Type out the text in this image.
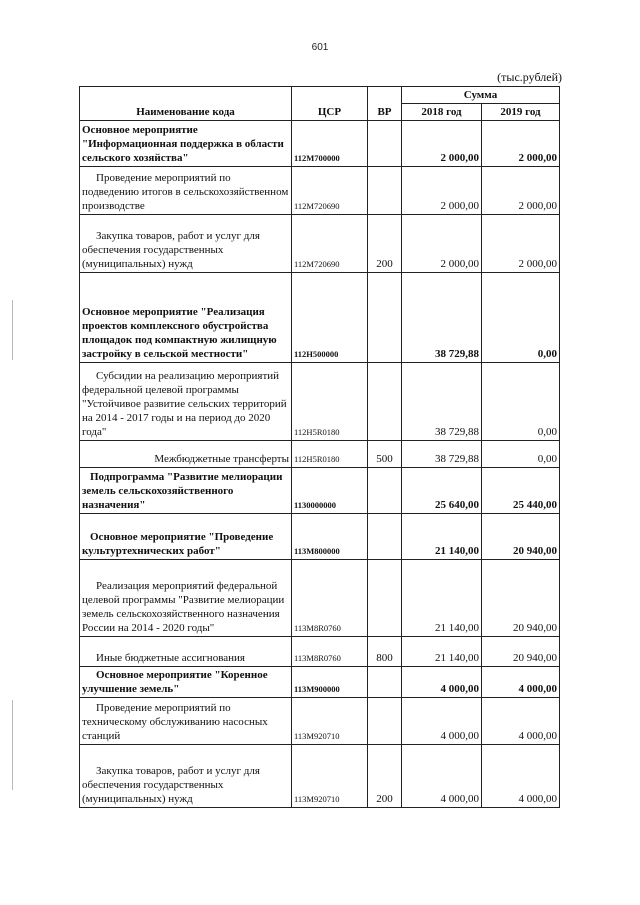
601
(тыс.рублей)
Наименование кода	ЦСР	ВР	Сумма	
			2018 год	2019 год
Основное мероприятие "Информационная поддержка в области сельского хозяйства"	112М700000		2 000,00	2 000,00
Проведение мероприятий по подведению итогов в сельскохозяйственном производстве	112М720690		2 000,00	2 000,00
Закупка товаров, работ и услуг для обеспечения государственных (муниципальных) нужд	112М720690	200	2 000,00	2 000,00
Основное мероприятие "Реализация проектов комплексного обустройства площадок под компактную жилищную застройку в сельской местности"	112Н500000		38 729,88	0,00
Субсидии на реализацию мероприятий федеральной целевой программы "Устойчивое развитие сельских территорий на 2014 - 2017 годы и на период до 2020 года"	112Н5R0180		38 729,88	0,00
Межбюджетные трансферты	112Н5R0180	500	38 729,88	0,00
Подпрограмма "Развитие мелиорации земель сельскохозяйственного назначения"	1130000000		25 640,00	25 440,00
Основное мероприятие "Проведение культуртехнических работ"	113М800000		21 140,00	20 940,00
Реализация мероприятий федеральной целевой программы "Развитие мелиорации земель сельскохозяйственного назначения России на 2014 - 2020 годы"	113М8R0760		21 140,00	20 940,00
Иные бюджетные ассигнования	113М8R0760	800	21 140,00	20 940,00
Основное мероприятие "Коренное улучшение земель"	113М900000		4 000,00	4 000,00
Проведение мероприятий по техническому обслуживанию насосных станций	113М920710		4 000,00	4 000,00
Закупка товаров, работ и услуг для обеспечения государственных (муниципальных) нужд	113М920710	200	4 000,00	4 000,00
